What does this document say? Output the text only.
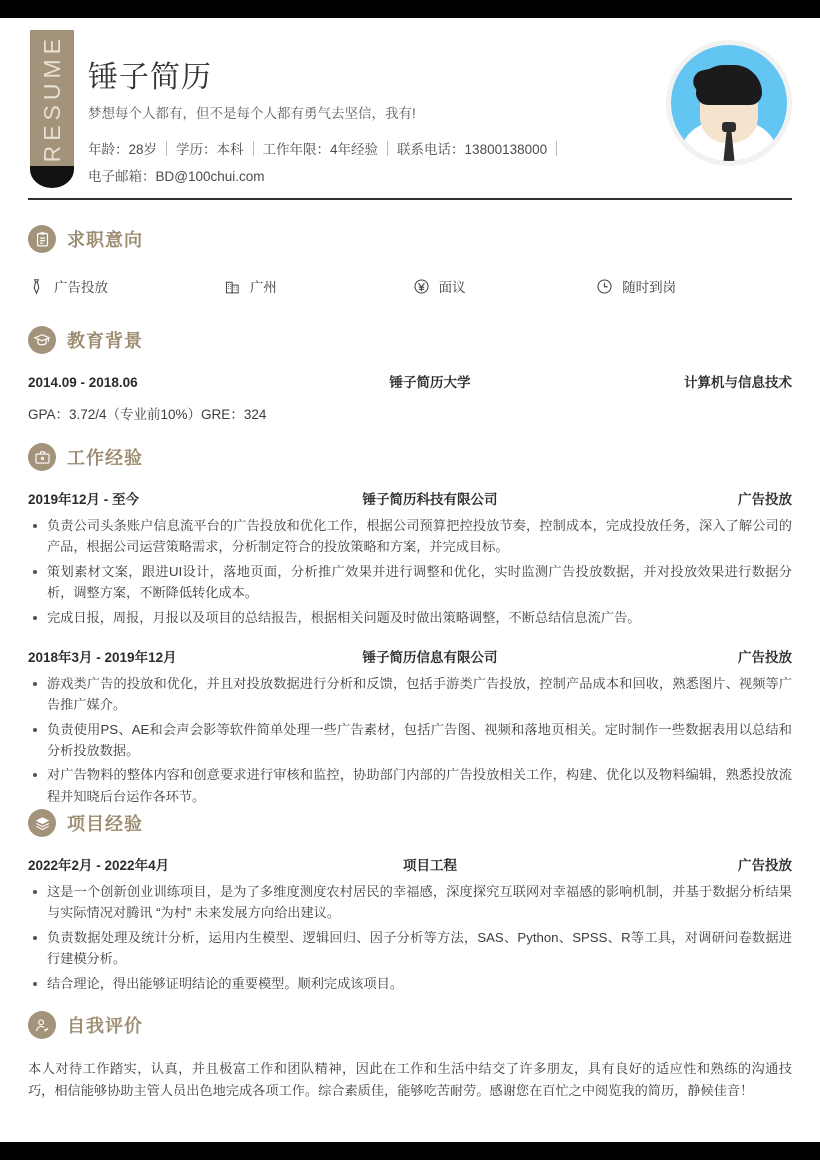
RESUME 锤子简历
梦想每个人都有，但不是每个人都有勇气去坚信，我有!
年龄：28岁 学历：本科 工作年限：4年经验 联系电话：13800138000
电子邮箱：BD@100chui.com
求职意向
广告投放	广州	面议	随时到岗
教育背景
2014.09 - 2018.06	锤子简历大学	计算机与信息技术
GPA：3.72/4（专业前10%）GRE：324
工作经验
2019年12月 - 至今	锤子简历科技有限公司	广告投放
负责公司头条账户信息流平台的广告投放和优化工作，根据公司预算把控投放节奏，控制成本，完成投放任务，深入了解公司的产品，根据公司运营策略需求，分析制定符合的投放策略和方案，并完成目标。
策划素材文案，跟进UI设计，落地页面，分析推广效果并进行调整和优化，实时监测广告投放数据，并对投放效果进行数据分析，调整方案，不断降低转化成本。
完成日报，周报，月报以及项目的总结报告，根据相关问题及时做出策略调整，不断总结信息流广告。
2018年3月 - 2019年12月	锤子简历信息有限公司	广告投放
游戏类广告的投放和优化，并且对投放数据进行分析和反馈，包括手游类广告投放，控制产品成本和回收，熟悉图片、视频等广告推广媒介。
负责使用PS、AE和会声会影等软件简单处理一些广告素材，包括广告图、视频和落地页相关。定时制作一些数据表用以总结和分析投放数据。
对广告物料的整体内容和创意要求进行审核和监控，协助部门内部的广告投放相关工作，构建、优化以及物料编辑，熟悉投放流程并知晓后台运作各环节。
项目经验
2022年2月 - 2022年4月	项目工程	广告投放
这是一个创新创业训练项目，是为了多维度测度农村居民的幸福感，深度探究互联网对幸福感的影响机制，并基于数据分析结果与实际情况对腾讯 “为村” 未来发展方向给出建议。
负责数据处理及统计分析，运用内生模型、逻辑回归、因子分析等方法，SAS、Python、SPSS、R等工具，对调研问卷数据进行建模分析。
结合理论，得出能够证明结论的重要模型。顺利完成该项目。
自我评价
本人对待工作踏实，认真，并且极富工作和团队精神，因此在工作和生活中结交了许多朋友，具有良好的适应性和熟练的沟通技巧，相信能够协助主管人员出色地完成各项工作。综合素质佳，能够吃苦耐劳。感谢您在百忙之中阅览我的简历，静候佳音！
